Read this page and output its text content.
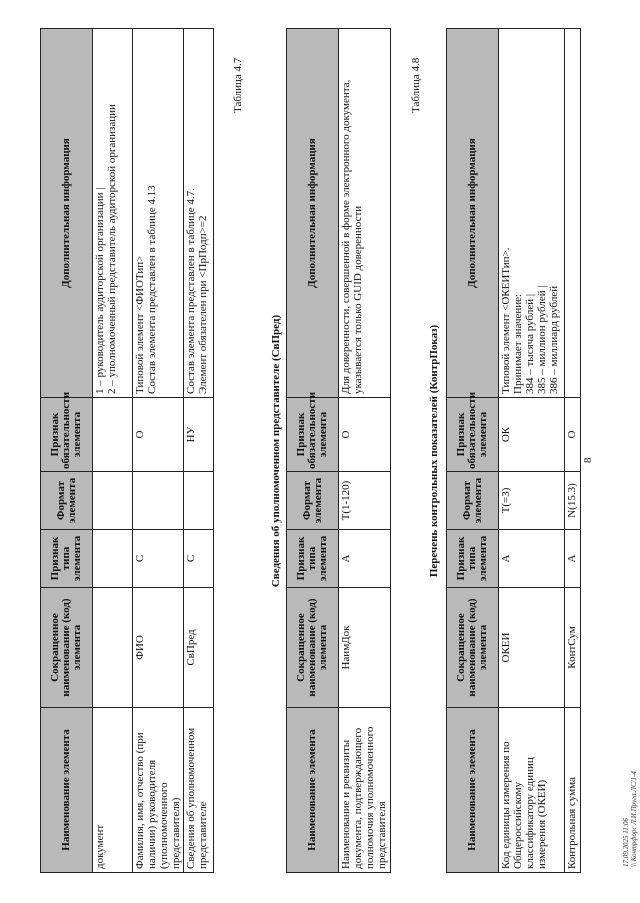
8
Наименование элемента	Сокращенное наименование (код) элемента	Признак типа элемента	Формат элемента	Признак обязательности элемента	Дополнительная информация
документ					1 – руководитель аудиторской организации | 2 – уполномоченный представитель аудиторской организации

Фамилия, имя, отчество (при наличии) руководителя (уполномоченного представителя)	ФИО	С		О	Типовой элемент <ФИОТип> Состав элемента представлен в таблице 4.13

Сведения об уполномоченном представителе	СвПред	С		НУ	Состав элемента представлен в таблице 4.7. Элемент обязателен при <ПрПодп>=2
Таблица 4.7
Сведения об уполномоченном представителе (СвПред)
Наименование элемента	Сокращенное наименование (код) элемента	Признак типа элемента	Формат элемента	Признак обязательности элемента	Дополнительная информация
Наименование и реквизиты документа, подтверждающего полномочия уполномоченного представителя	НаимДок	А	T(1-120)	О	Для доверенности, совершенной в форме электронного документа, указывается только GUID доверенности
Таблица 4.8
Перечень контрольных показателей (КонтрПоказ)
Наименование элемента	Сокращенное наименование (код) элемента	Признак типа элемента	Формат элемента	Признак обязательности элемента	Дополнительная информация
Код единицы измерения по Общероссийскому классификатору единиц измерения (ОКЕИ)	ОКЕИ	А	T(=3)	ОК	Типовой элемент <ОКЕИТип>. Принимает значение: 384 – тысяча рублей | 385 – миллион рублей | 386 – миллиард рублей

Контрольная сумма	КонтСум	А	N(15.3)	О	
17.09.2025 11:06 \\ Контрфорс Л.И.Пруга.ЛС/1-4
